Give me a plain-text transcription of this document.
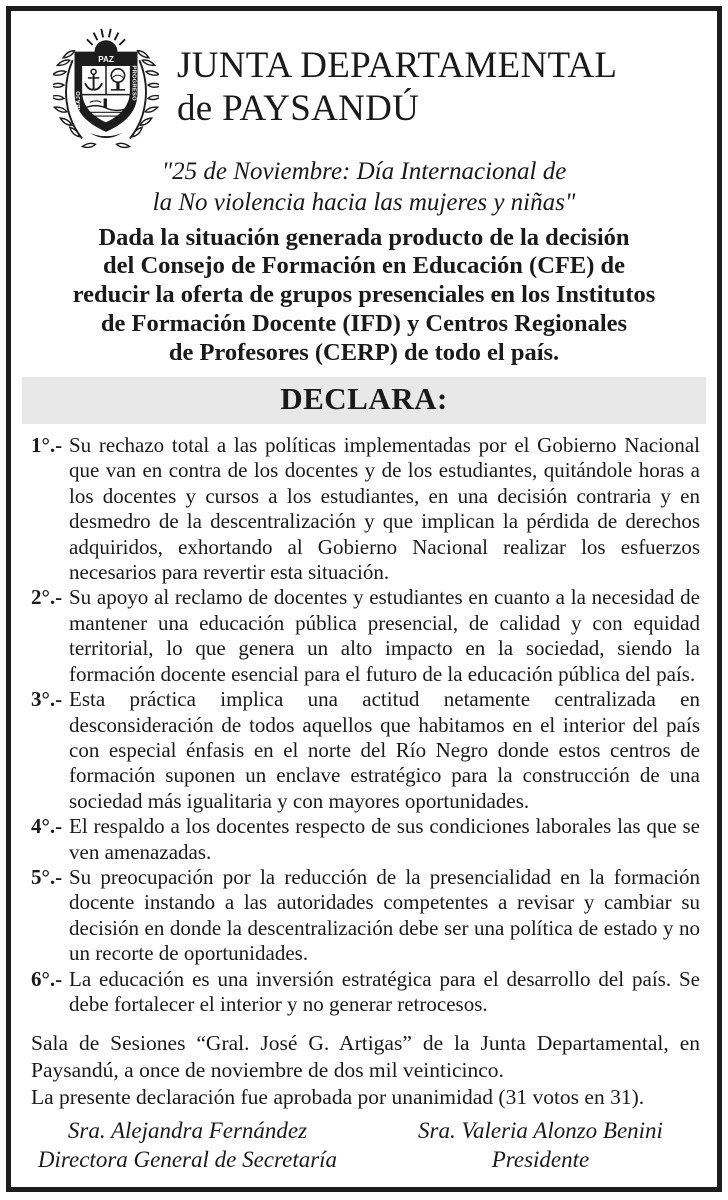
PAZ
TRABAJO
PROGRESO JUNTA DEPARTAMENTAL
de PAYSANDÚ
"25 de Noviembre: Día Internacional de
la No violencia hacia las mujeres y niñas"
Dada la situación generada producto de la decisión
del Consejo de Formación en Educación (CFE) de
reducir la oferta de grupos presenciales en los Institutos
de Formación Docente (IFD) y Centros Regionales
de Profesores (CERP) de todo el país.
DECLARA:
1°.- Su rechazo total a las políticas implementadas por el Gobierno Nacional que van en contra de los docentes y de los estudiantes, quitándole horas a los docentes y cursos a los estudiantes, en una decisión contraria y en desmedro de la descentralización y que implican la pérdida de derechos adquiridos, exhortando al Gobierno Nacional realizar los esfuerzos necesarios para revertir esta situación.
2°.- Su apoyo al reclamo de docentes y estudiantes en cuanto a la necesidad de mantener una educación pública presencial, de calidad y con equidad territorial, lo que genera un alto impacto en la sociedad, siendo la formación docente esencial para el futuro de la educación pública del país.
3°.- Esta práctica implica una actitud netamente centralizada en desconsideración de todos aquellos que habitamos en el interior del país con especial énfasis en el norte del Río Negro donde estos centros de formación suponen un enclave estratégico para la construcción de una sociedad más igualitaria y con mayores oportunidades.
4°.- El respaldo a los docentes respecto de sus condiciones laborales las que se ven amenazadas.
5°.- Su preocupación por la reducción de la presencialidad en la formación docente instando a las autoridades competentes a revisar y cambiar su decisión en donde la descentralización debe ser una política de estado y no un recorte de oportunidades.
6°.- La educación es una inversión estratégica para el desarrollo del país. Se debe fortalecer el interior y no generar retrocesos.
Sala de Sesiones “Gral. José G. Artigas” de la Junta Departamental, en Paysandú, a once de noviembre de dos mil veinticinco.
La presente declaración fue aprobada por unanimidad (31 votos en 31).
Sra. Alejandra Fernández
Directora General de Secretaría
Sra. Valeria Alonzo Benini
Presidente
